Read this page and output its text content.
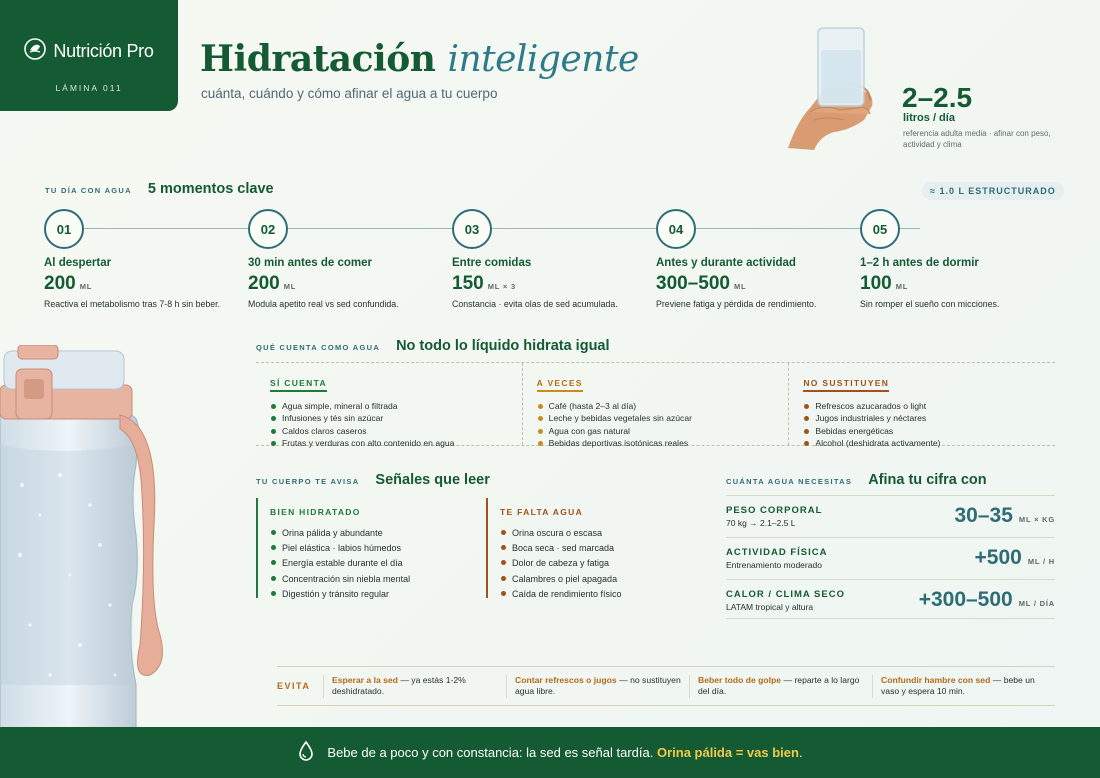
Nutrición Pro
LÁMINA 011
Hidratación inteligente
cuánta, cuándo y cómo afinar el agua a tu cuerpo	2–2.5
litros / día
referencia adulta media · afinar con peso, actividad y clima
TU DÍA CON AGUA 5 momentos clave	≈ 1.0 L ESTRUCTURADO
01
Al despertar
200 ML
Reactiva el metabolismo tras 7-8 h sin beber.
02
30 min antes de comer
200 ML
Modula apetito real vs sed confundida.
03
Entre comidas
150 ML × 3
Constancia · evita olas de sed acumulada.
04
Antes y durante actividad
300–500 ML
Previene fatiga y pérdida de rendimiento.
05
1–2 h antes de dormir
100 ML
Sin romper el sueño con micciones.
QUÉ CUENTA COMO AGUA No todo lo líquido hidrata igual
SÍ CUENTA
Agua simple, mineral o filtrada
Infusiones y tés sin azúcar
Caldos claros caseros
Frutas y verduras con alto contenido en agua
A VECES
Café (hasta 2–3 al día)
Leche y bebidas vegetales sin azúcar
Agua con gas natural
Bebidas deportivas isotónicas reales
NO SUSTITUYEN
Refrescos azucarados o light
Jugos industriales y néctares
Bebidas energéticas
Alcohol (deshidrata activamente)
TU CUERPO TE AVISA Señales que leer
BIEN HIDRATADO
Orina pálida y abundante
Piel elástica · labios húmedos
Energía estable durante el día
Concentración sin niebla mental
Digestión y tránsito regular
TE FALTA AGUA
Orina oscura o escasa
Boca seca · sed marcada
Dolor de cabeza y fatiga
Calambres o piel apagada
Caída de rendimiento físico
CUÁNTA AGUA NECESITAS Afina tu cifra con
PESO CORPORAL
70 kg → 2.1–2.5 L	30–35 ML × KG
ACTIVIDAD FÍSICA
Entrenamiento moderado	+500 ML / H
CALOR / CLIMA SECO
LATAM tropical y altura	+300–500 ML / DÍA
EVITA
Esperar a la sed — ya estás 1-2% deshidratado.
Contar refrescos o jugos — no sustituyen agua libre.
Beber todo de golpe — reparte a lo largo del día.
Confundir hambre con sed — bebe un vaso y espera 10 min.
Bebe de a poco y con constancia: la sed es señal tardía. Orina pálida = vas bien.
